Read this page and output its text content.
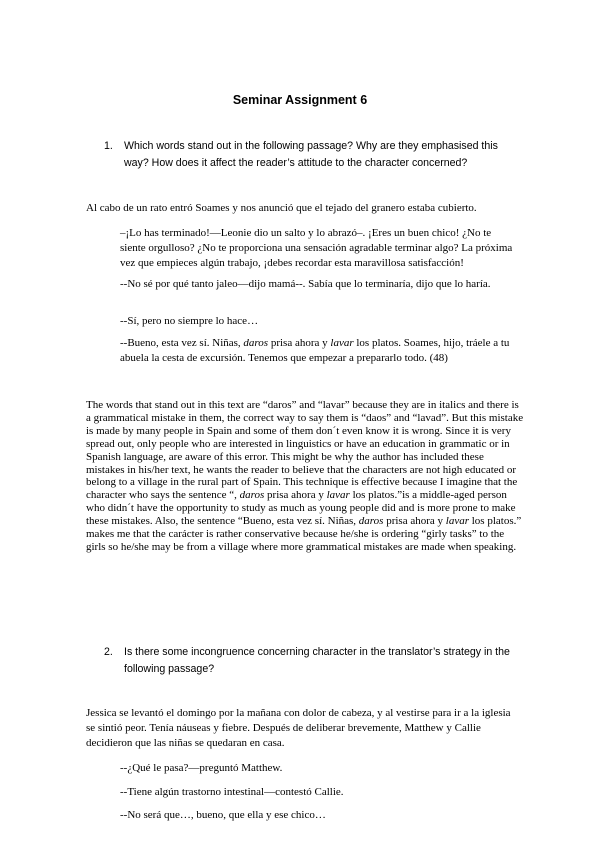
Seminar Assignment 6
1. Which words stand out in the following passage? Why are they emphasised this way? How does it affect the reader’s attitude to the character concerned?
Al cabo de un rato entró Soames y nos anunció que el tejado del granero estaba cubierto.
–¡Lo has terminado!—Leonie dio un salto y lo abrazó–. ¡Eres un buen chico! ¿No te siente orgulloso? ¿No te proporciona una sensación agradable terminar algo? La próxima vez que empieces algún trabajo, ¡debes recordar esta maravillosa satisfacción!
--No sé por qué tanto jaleo—dijo mamá--. Sabía que lo terminaría, dijo que lo haría.
--Sí, pero no siempre lo hace…
--Bueno, esta vez sí. Niñas, daros prisa ahora y lavar los platos. Soames, hijo, tráele a tu abuela la cesta de excursión. Tenemos que empezar a prepararlo todo. (48)
The words that stand out in this text are “daros” and “lavar” because they are in italics and there is a grammatical mistake in them, the correct way to say them is “daos” and “lavad”. But this mistake is made by many people in Spain and some of them don´t even know it is wrong. Since it is very spread out, only people who are interested in linguistics or have an education in grammatic or in Spanish language, are aware of this error. This might be why the author has included these mistakes in his/her text, he wants the reader to believe that the characters are not high educated or belong to a village in the rural part of Spain. This technique is effective because I imagine that the character who says the sentence “, daros prisa ahora y lavar los platos.”is a middle-aged person who didn´t have the opportunity to study as much as young people did and is more prone to make these mistakes. Also, the sentence “Bueno, esta vez sí. Niñas, daros prisa ahora y lavar los platos.” makes me that the carácter is rather conservative because he/she is ordering “girly tasks” to the girls so he/she may be from a village where more grammatical mistakes are made when speaking.
2. Is there some incongruence concerning character in the translator’s strategy in the following passage?
Jessica se levantó el domingo por la mañana con dolor de cabeza, y al vestirse para ir a la iglesia se sintió peor. Tenía náuseas y fiebre. Después de deliberar brevemente, Matthew y Callie decidieron que las niñas se quedaran en casa.
--¿Qué le pasa?—preguntó Matthew.
--Tiene algún trastorno intestinal—contestó Callie.
--No será que…, bueno, que ella y ese chico…
